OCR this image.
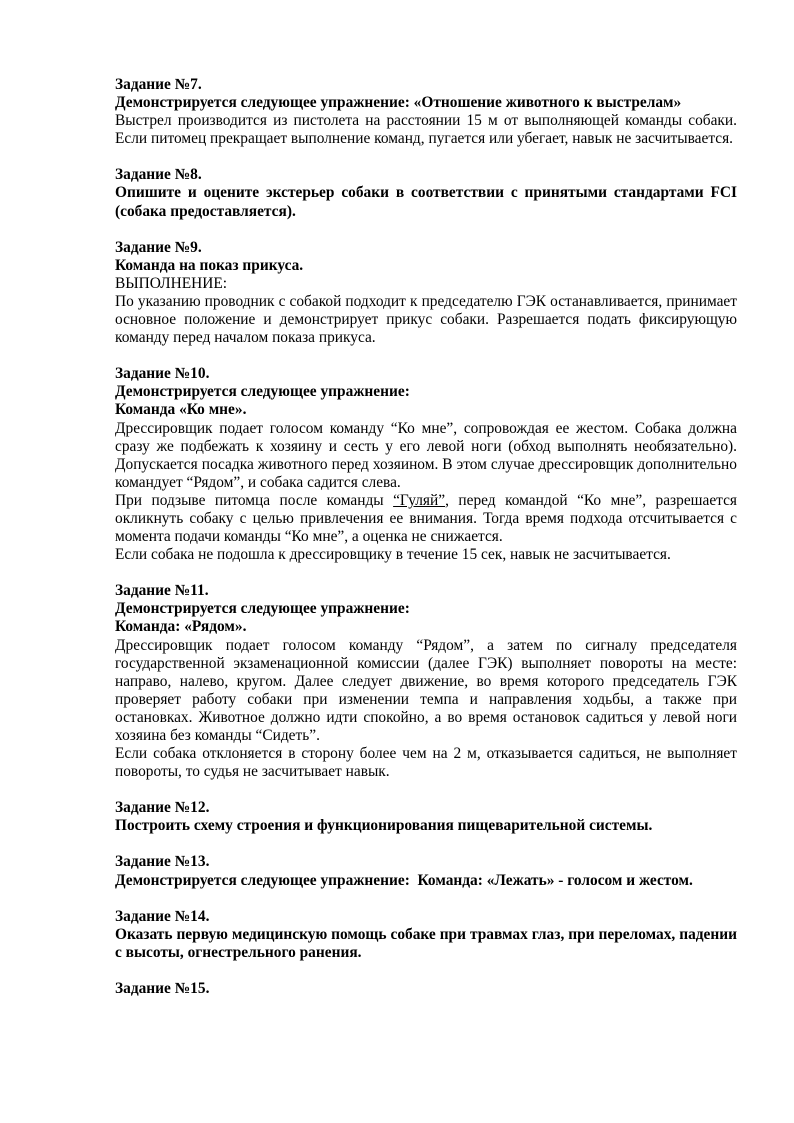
Задание №7.

Демонстрируется следующее упражнение: «Отношение животного к выстрелам»

Выстрел производится из пистолета на расстоянии 15 м от выполняющей команды собаки. Если питомец прекращает выполнение команд, пугается или убегает, навык не засчитывается.

Задание №8.

Опишите и оцените экстерьер собаки в соответствии с принятыми стандартами FCI (собака предоставляется).

Задание №9.

Команда на показ прикуса.

ВЫПОЛНЕНИЕ:

По указанию проводник с собакой подходит к председателю ГЭК останавливается, принимает основное положение и демонстрирует прикус собаки. Разрешается подать фиксирующую команду перед началом показа прикуса.

Задание №10.

Демонстрируется следующее упражнение:

Команда «Ко мне».

Дрессировщик подает голосом команду “Ко мне”, сопровождая ее жестом. Собака должна сразу же подбежать к хозяину и сесть у его левой ноги (обход выполнять необязательно). Допускается посадка животного перед хозяином. В этом случае дрессировщик дополнительно командует “Рядом”, и собака садится слева.

При подзыве питомца после команды “Гуляй”, перед командой “Ко мне”, разрешается окликнуть собаку с целью привлечения ее внимания. Тогда время подхода отсчитывается с момента подачи команды “Ко мне”, а оценка не снижается.

Если собака не подошла к дрессировщику в течение 15 сек, навык не засчитывается.

Задание №11.

Демонстрируется следующее упражнение:

Команда: «Рядом».

Дрессировщик подает голосом команду “Рядом”, а затем по сигналу председателя государственной экзаменационной комиссии (далее ГЭК) выполняет повороты на месте: направо, налево, кругом. Далее следует движение, во время которого председатель ГЭК проверяет работу собаки при изменении темпа и направления ходьбы, а также при остановках. Животное должно идти спокойно, а во время остановок садиться у левой ноги хозяина без команды “Сидеть”.

Если собака отклоняется в сторону более чем на 2 м, отказывается садиться, не выполняет повороты, то судья не засчитывает навык.

Задание №12.

Построить схему строения и функционирования пищеварительной системы.

Задание №13.

Демонстрируется следующее упражнение:  Команда: «Лежать» - голосом и жестом.

Задание №14.

Оказать первую медицинскую помощь собаке при травмах глаз, при переломах, падении с высоты, огнестрельного ранения.

Задание №15.
